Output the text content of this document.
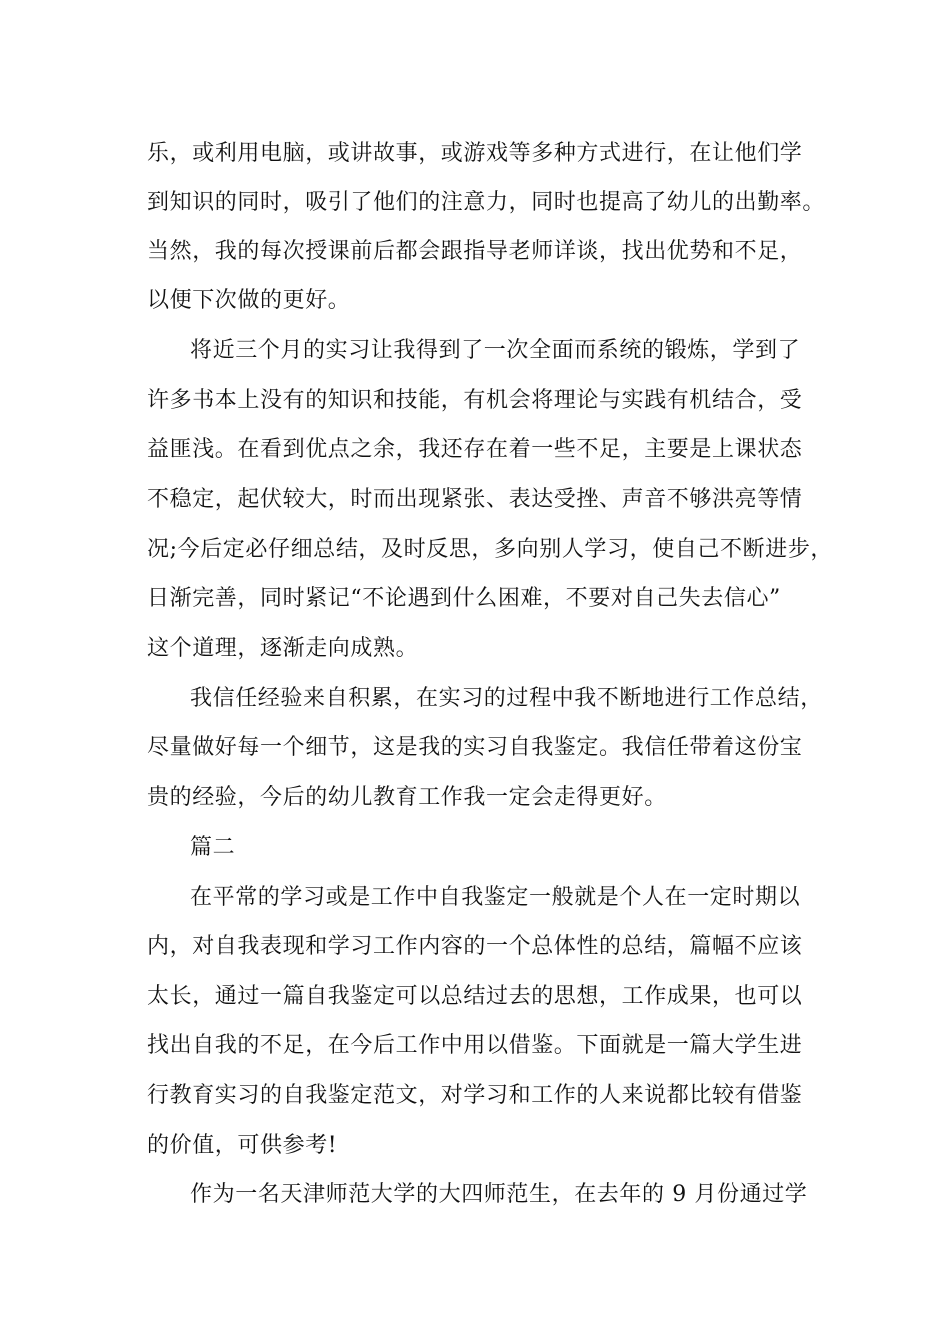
乐，或利用电脑，或讲故事，或游戏等多种方式进行，在让他们学
到知识的同时，吸引了他们的注意力，同时也提高了幼儿的出勤率。
当然，我的每次授课前后都会跟指导老师详谈，找出优势和不足，
以便下次做的更好。
将近三个月的实习让我得到了一次全面而系统的锻炼，学到了
许多书本上没有的知识和技能，有机会将理论与实践有机结合，受
益匪浅。在看到优点之余，我还存在着一些不足，主要是上课状态
不稳定，起伏较大，时而出现紧张、表达受挫、声音不够洪亮等情
况;今后定必仔细总结，及时反思，多向别人学习，使自己不断进步，
日渐完善，同时紧记“不论遇到什么困难，不要对自己失去信心”
这个道理，逐渐走向成熟。
我信任经验来自积累，在实习的过程中我不断地进行工作总结，
尽量做好每一个细节，这是我的实习自我鉴定。我信任带着这份宝
贵的经验，今后的幼儿教育工作我一定会走得更好。
篇二
在平常的学习或是工作中自我鉴定一般就是个人在一定时期以
内，对自我表现和学习工作内容的一个总体性的总结，篇幅不应该
太长，通过一篇自我鉴定可以总结过去的思想，工作成果，也可以
找出自我的不足，在今后工作中用以借鉴。下面就是一篇大学生进
行教育实习的自我鉴定范文，对学习和工作的人来说都比较有借鉴
的价值，可供参考!
作为一名天津师范大学的大四师范生，在去年的 9 月份通过学
